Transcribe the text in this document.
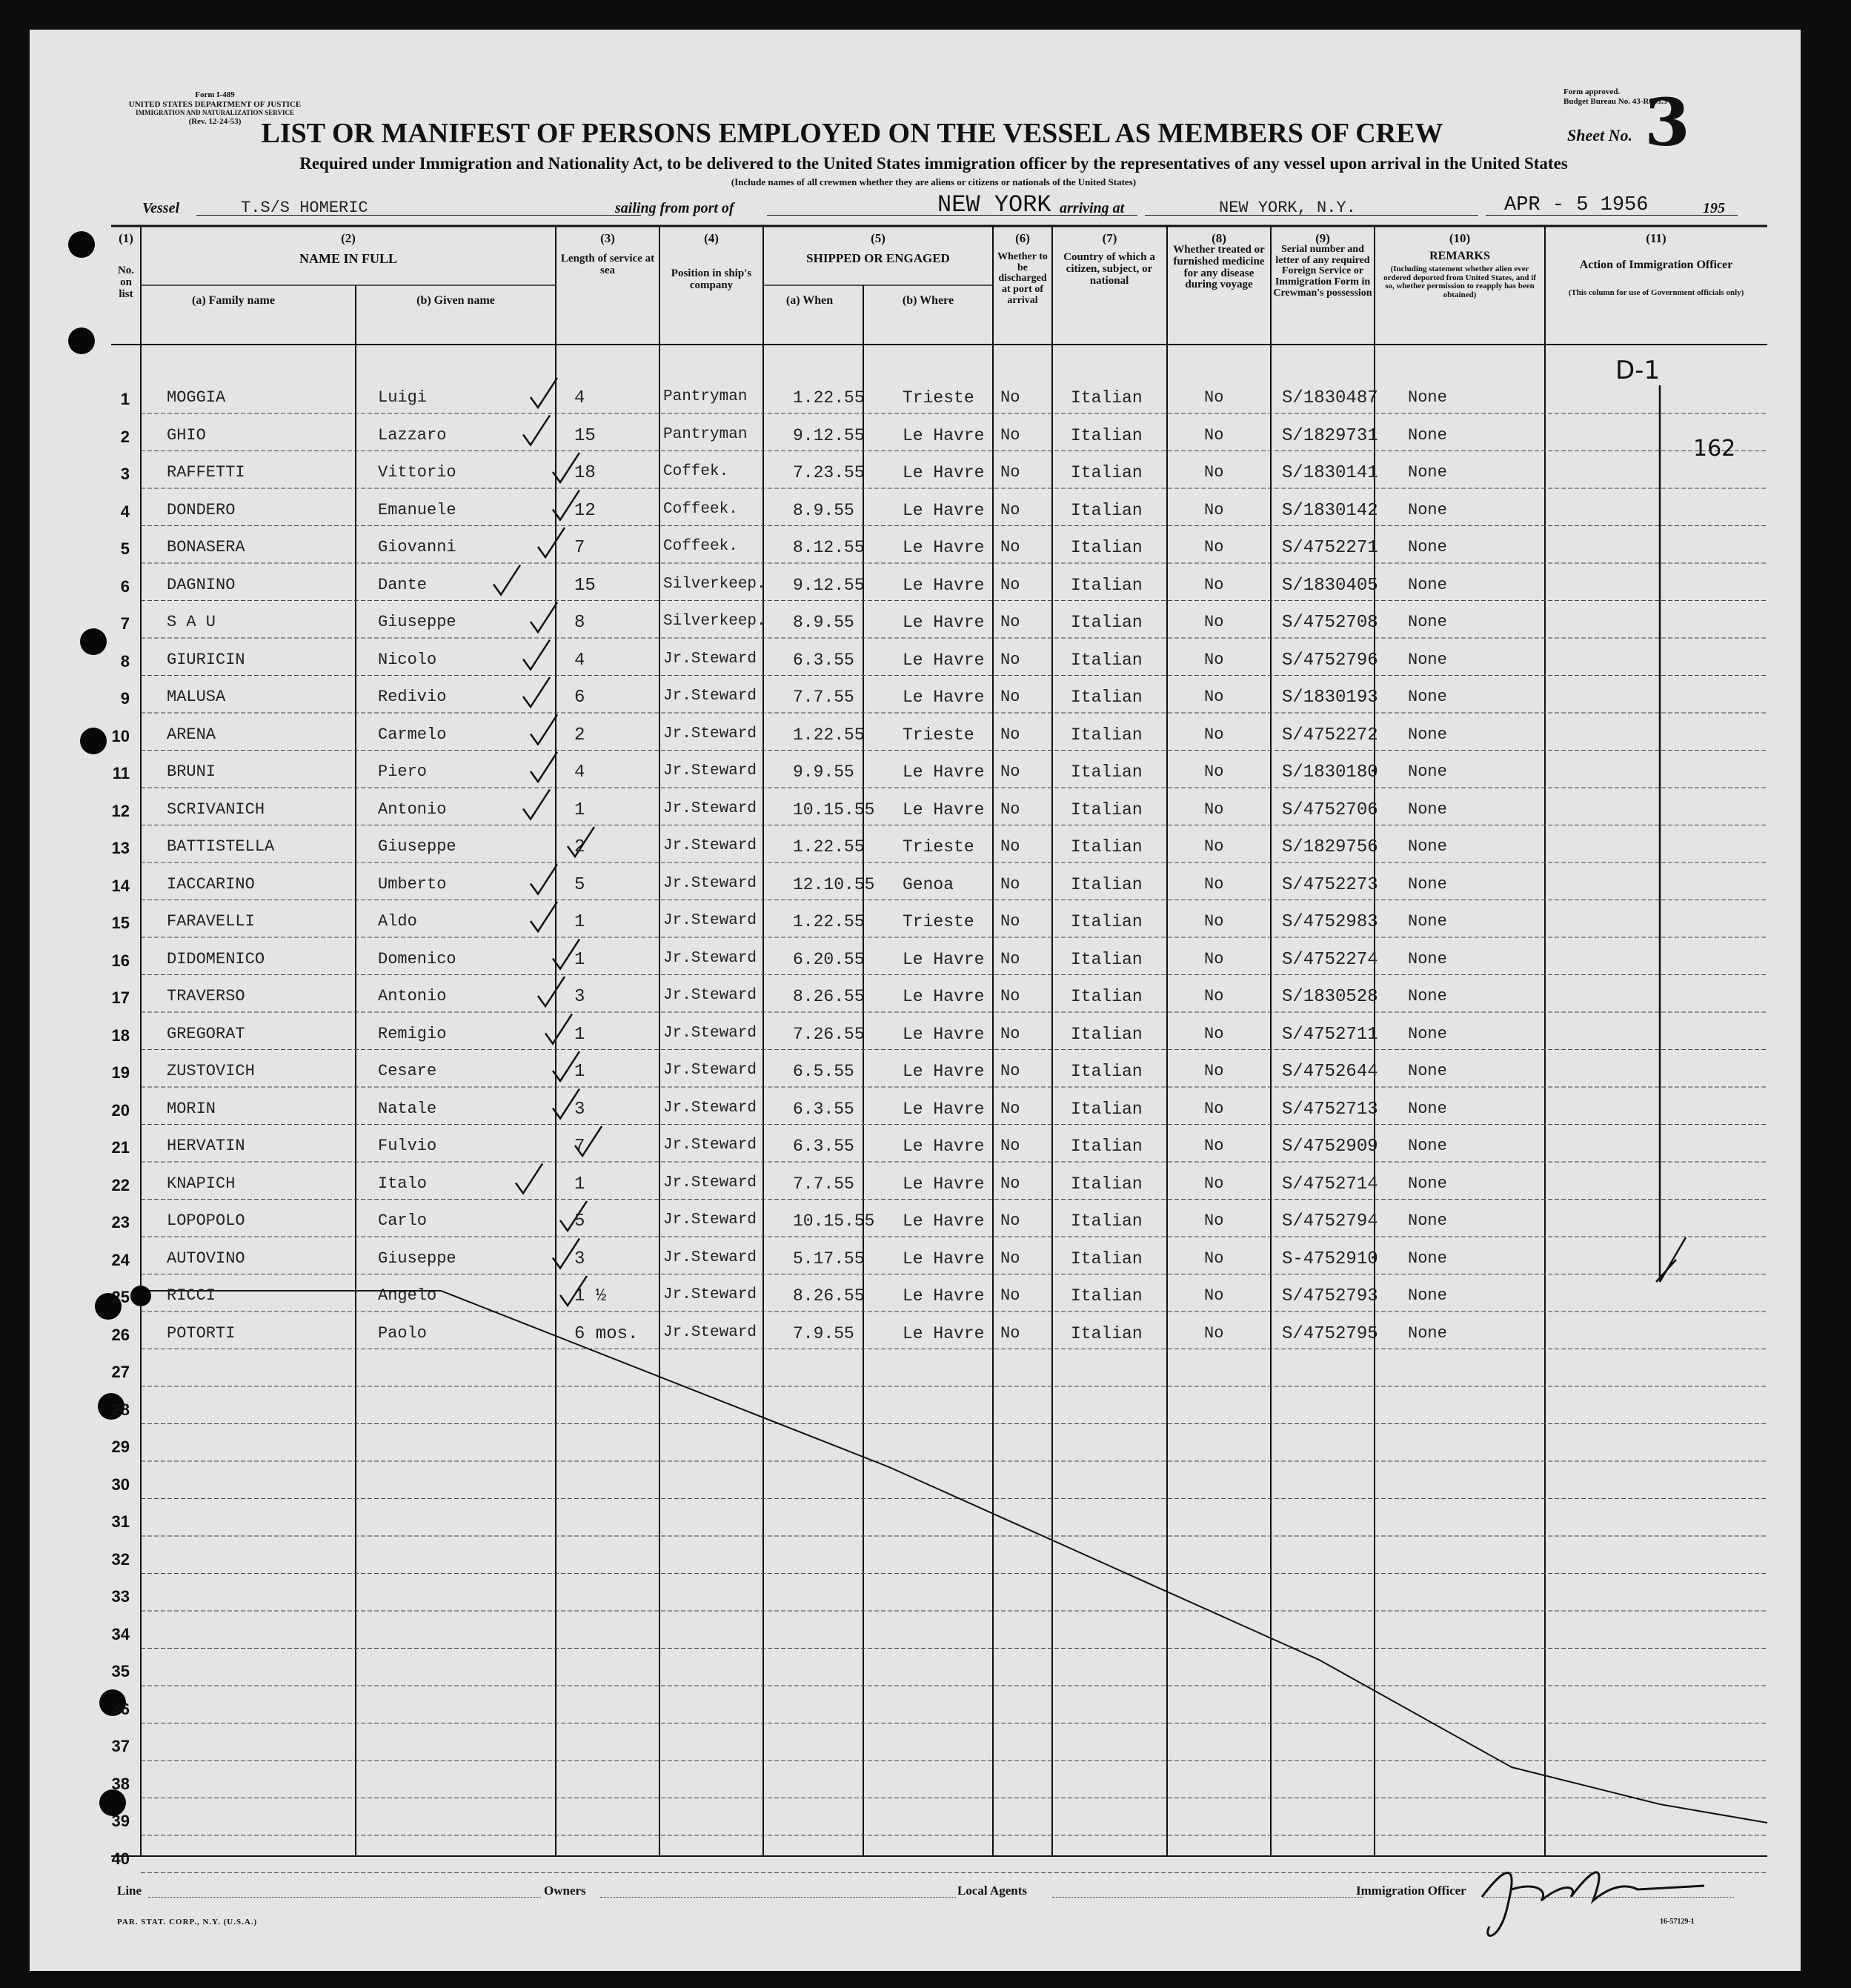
Form I-489
UNITED STATES DEPARTMENT OF JUSTICE
IMMIGRATION AND NATURALIZATION SERVICE
(Rev. 12-24-53)
Form approved.
Budget Bureau No. 43-R063.5
LIST OR MANIFEST OF PERSONS EMPLOYED ON THE VESSEL AS MEMBERS OF CREW	Sheet No. 3
Required under Immigration and Nationality Act, to be delivered to the United States immigration officer by the representatives of any vessel upon arrival in the United States
(Include names of all crewmen whether they are aliens or citizens or nationals of the United States)
Vessel	T.S/S HOMERIC	sailing from port of	NEW YORK arriving at	NEW YORK, N.Y.	APR - 5 1956	195
(1)
No. on list
(2)
NAME IN FULL
(a) Family name	(b) Given name
(3)
Length of service at sea
(4)
Position in ship's company
(5)
SHIPPED OR ENGAGED
(a) When	(b) Where
(6)
Whether to be discharged at port of arrival
(7)
Country of which a citizen, subject, or national
(8)
Whether treated or furnished medicine for any disease during voyage
(9)
Serial number and letter of any required Foreign Service or Immigration Form in Crewman's possession
(10)
REMARKS
(Including statement whether alien ever ordered deported from United States, and if so, whether permission to reapply has been obtained)
(11)
Action of Immigration Officer
(This column for use of Government officials only)
1 MOGGIA	Luigi	4	Pantryman	1.22.55 Trieste No	Italian	No	S/1830487 None
2 GHIO	Lazzaro	15	Pantryman	9.12.55 Le Havre No	Italian	No	S/1829731 None
3 RAFFETTI	Vittorio	18	Coffek.	7.23.55 Le Havre No	Italian	No	S/1830141 None
4 DONDERO	Emanuele	12	Coffeek.	8.9.55	Le Havre No	Italian	No	S/1830142 None
5 BONASERA	Giovanni	7	Coffeek.	8.12.55 Le Havre No	Italian	No	S/4752271 None
6 DAGNINO	Dante	15	Silverkeep. 9.12.55 Le Havre No	Italian	No	S/1830405 None
7 S A U	Giuseppe	8	Silverkeep. 8.9.55	Le Havre No	Italian	No	S/4752708 None
8 GIURICIN	Nicolo	4	Jr.Steward 6.3.55	Le Havre No	Italian	No	S/4752796 None
9 MALUSA	Redivio	6	Jr.Steward 7.7.55	Le Havre No	Italian	No	S/1830193 None
10 ARENA	Carmelo	2	Jr.Steward 1.22.55 Trieste No	Italian	No	S/4752272 None
11 BRUNI	Piero	4	Jr.Steward 9.9.55	Le Havre No	Italian	No	S/1830180 None
12 SCRIVANICH	Antonio	1	Jr.Steward 10.15.55 Le Havre No	Italian	No	S/4752706 None
13 BATTISTELLA	Giuseppe	2	Jr.Steward 1.22.55 Trieste No	Italian	No	S/1829756 None
14 IACCARINO	Umberto	5	Jr.Steward 12.10.55 Genoa	No	Italian	No	S/4752273 None
15 FARAVELLI	Aldo	1	Jr.Steward 1.22.55 Trieste No	Italian	No	S/4752983 None
16 DIDOMENICO	Domenico	1	Jr.Steward 6.20.55 Le Havre No	Italian	No	S/4752274 None
17 TRAVERSO	Antonio	3	Jr.Steward 8.26.55 Le Havre No	Italian	No	S/1830528 None
18 GREGORAT	Remigio	1	Jr.Steward 7.26.55 Le Havre No	Italian	No	S/4752711 None
19 ZUSTOVICH	Cesare	1	Jr.Steward 6.5.55	Le Havre No	Italian	No	S/4752644 None
20 MORIN	Natale	3	Jr.Steward 6.3.55	Le Havre No	Italian	No	S/4752713 None
21 HERVATIN	Fulvio	7	Jr.Steward 6.3.55	Le Havre No	Italian	No	S/4752909 None
22 KNAPICH	Italo	1	Jr.Steward 7.7.55	Le Havre No	Italian	No	S/4752714 None
23 LOPOPOLO	Carlo	5	Jr.Steward 10.15.55 Le Havre No	Italian	No	S/4752794 None
24 AUTOVINO	Giuseppe	3	Jr.Steward 5.17.55 Le Havre No	Italian	No	S-4752910 None
25 RICCI	Angelo	1 ½	Jr.Steward 8.26.55 Le Havre No	Italian	No	S/4752793 None
26 POTORTI	Paolo	6 mos. Jr.Steward 7.9.55	Le Havre No	Italian	No	S/4752795 None
27
28
29
30
31
32
33
34
35
36
37
38
39
40
D-1
162
Line	Owners	Local Agents	Immigration Officer
PAR. STAT. CORP., N.Y. (U.S.A.)	16-57129-1
